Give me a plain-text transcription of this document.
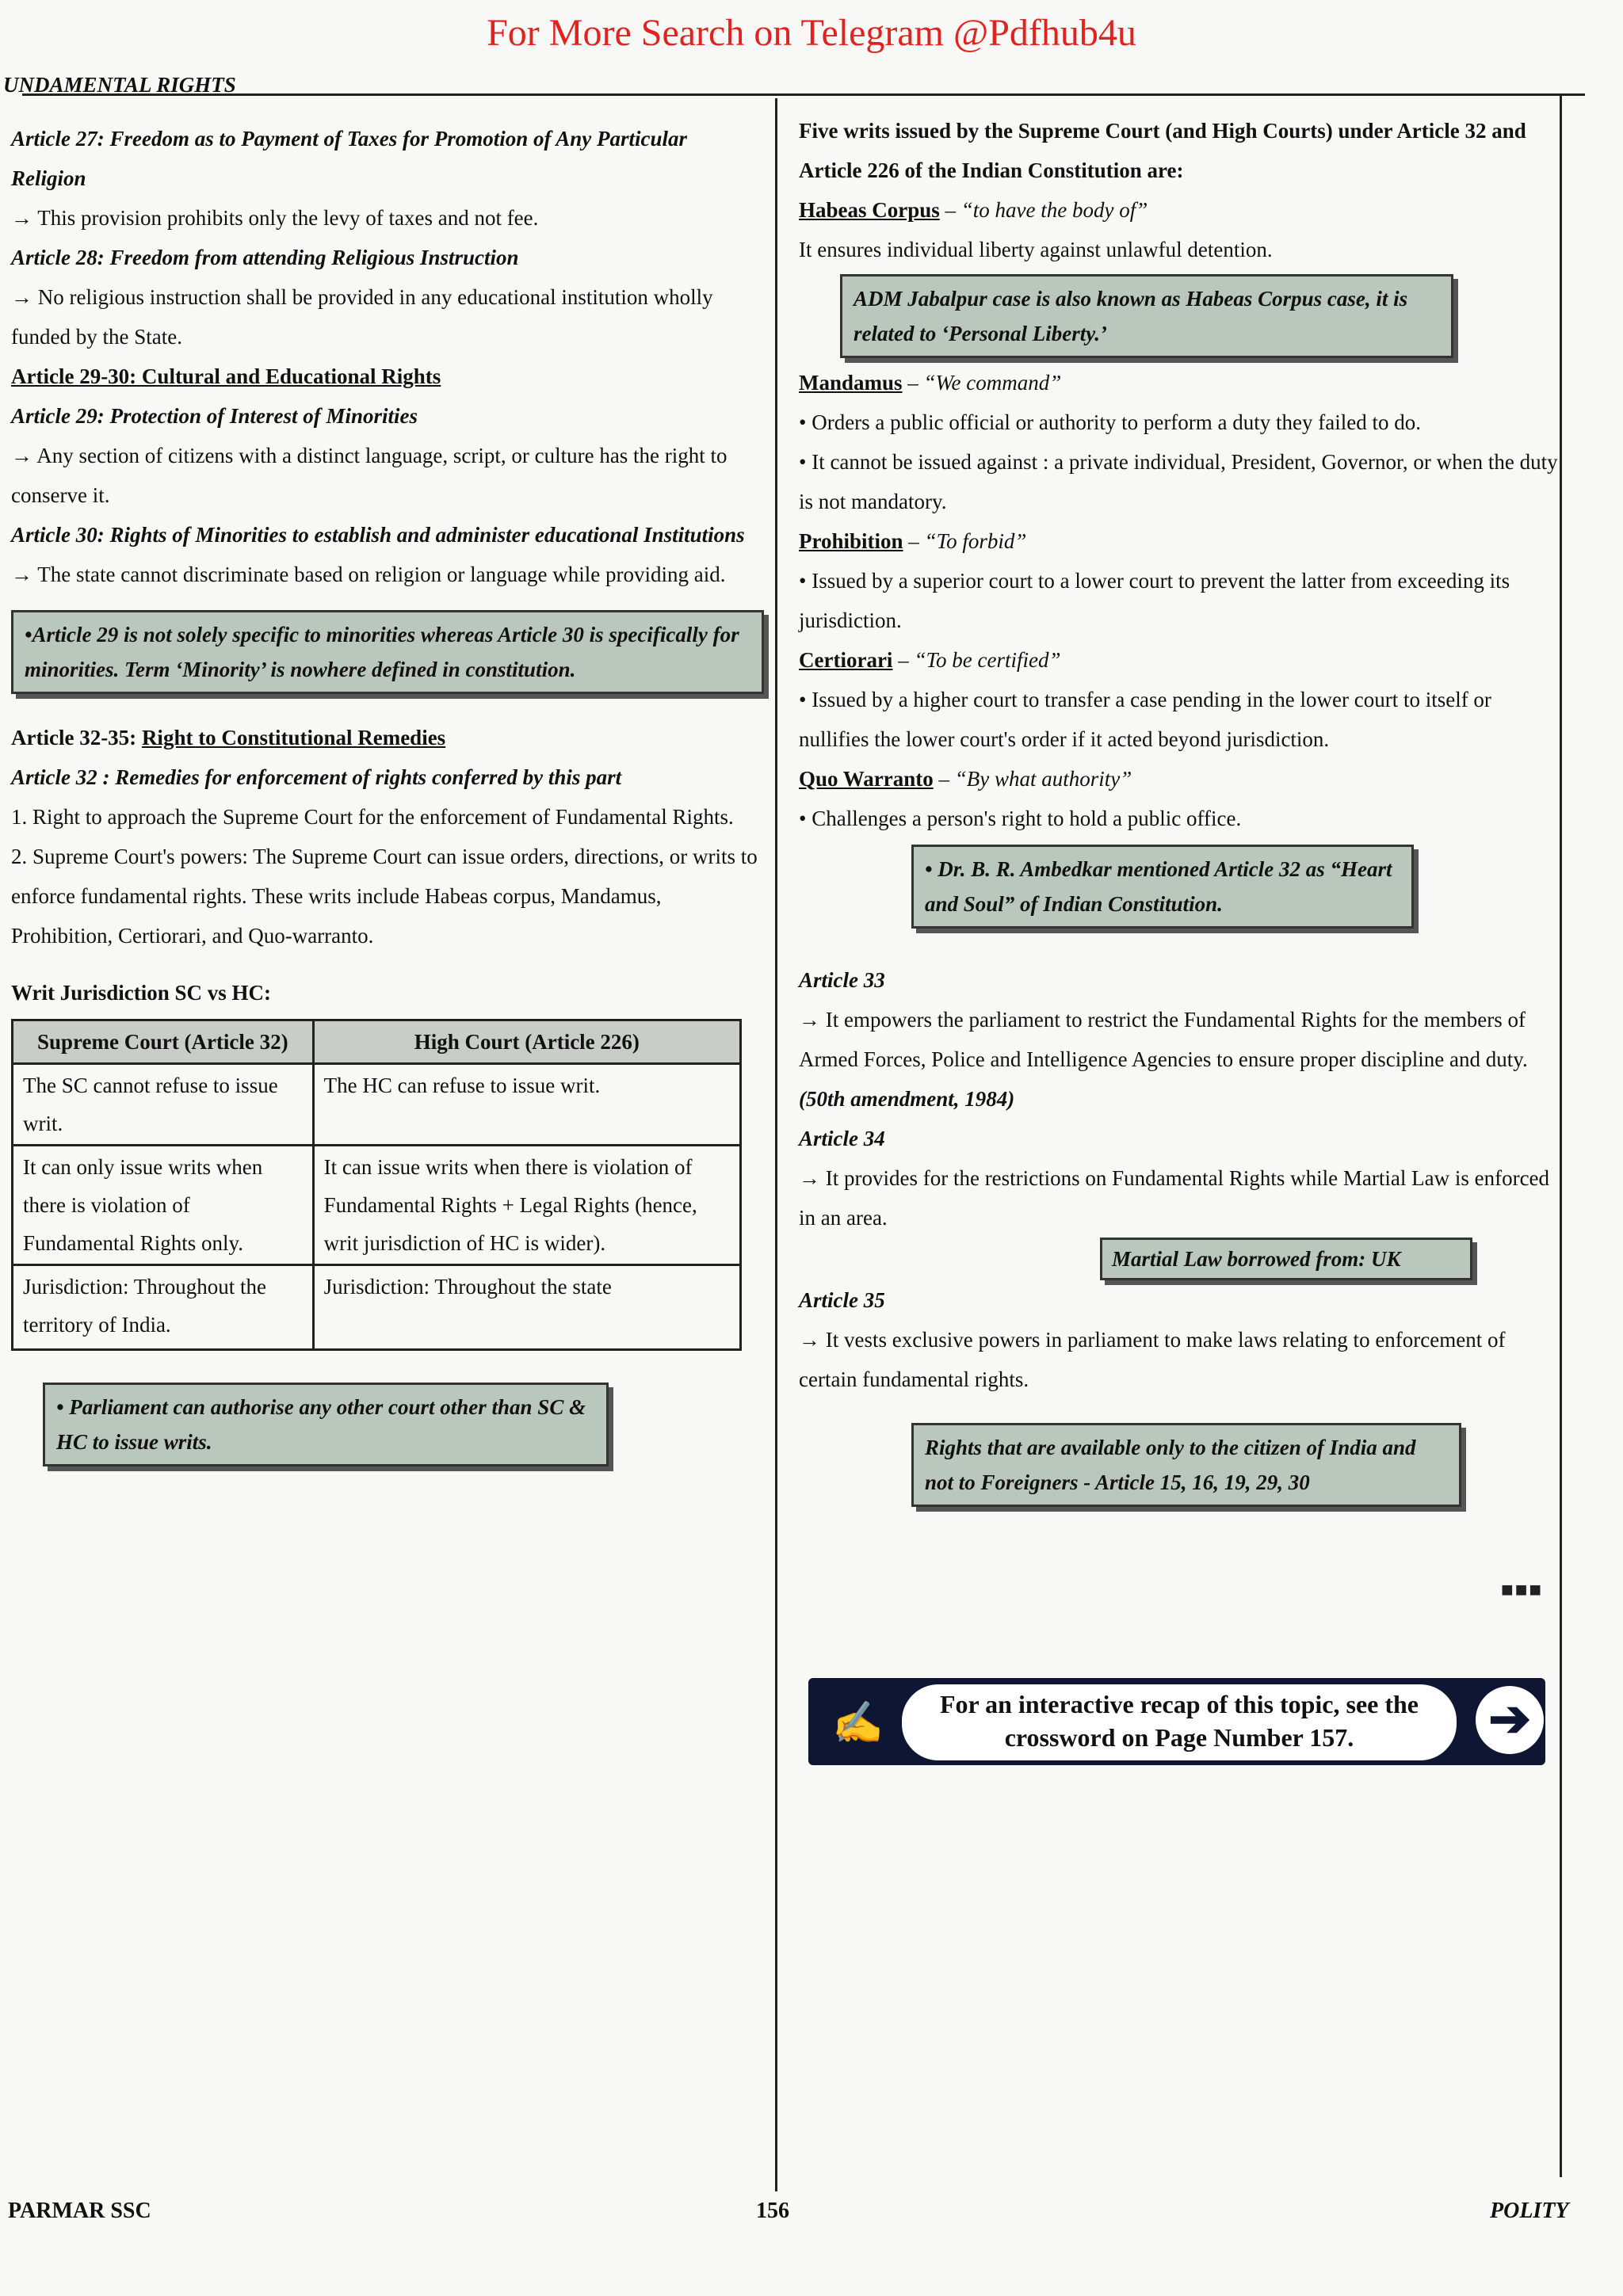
For More Search on Telegram @Pdfhub4u
UNDAMENTAL RIGHTS

Article 27: Freedom as to Payment of Taxes for Promotion of Any Particular Religion

→ This provision prohibits only the levy of taxes and not fee.

Article 28: Freedom from attending Religious Instruction

→ No religious instruction shall be provided in any educational institution wholly funded by the State.

Article 29-30: Cultural and Educational Rights

Article 29: Protection of Interest of Minorities

→ Any section of citizens with a distinct language, script, or culture has the right to conserve it.

Article 30: Rights of Minorities to establish and administer educational Institutions

→ The state cannot discriminate based on religion or language while providing aid.

•Article 29 is not solely specific to minorities whereas Article 30 is specifically for minorities. Term ‘Minority’ is nowhere defined in constitution.

Article 32-35: Right to Constitutional Remedies

Article 32 : Remedies for enforcement of rights conferred by this part

1. Right to approach the Supreme Court for the enforcement of Fundamental Rights.

2. Supreme Court's powers: The Supreme Court can issue orders, directions, or writs to enforce fundamental rights. These writs include Habeas corpus, Mandamus, Prohibition, Certiorari, and Quo-warranto.

Writ Jurisdiction SC vs HC:

Supreme Court (Article 32)	High Court (Article 226)
The SC cannot refuse to issue writ.	The HC can refuse to issue writ.
It can only issue writs when there is violation of Fundamental Rights only.	It can issue writs when there is violation of Fundamental Rights + Legal Rights (hence, writ jurisdiction of HC is wider).
Jurisdiction: Throughout the territory of India.	Jurisdiction: Throughout the state
• Parliament can authorise any other court other than SC & HC to issue writs.

Five writs issued by the Supreme Court (and High Courts) under Article 32 and Article 226 of the Indian Constitution are:

Habeas Corpus – “to have the body of”

It ensures individual liberty against unlawful detention.

ADM Jabalpur case is also known as Habeas Corpus case, it is related to ‘Personal Liberty.’

Mandamus – “We command”

• Orders a public official or authority to perform a duty they failed to do.

• It cannot be issued against : a private individual, President, Governor, or when the duty is not mandatory.

Prohibition – “To forbid”

• Issued by a superior court to a lower court to prevent the latter from exceeding its jurisdiction.

Certiorari – “To be certified”

• Issued by a higher court to transfer a case pending in the lower court to itself or nullifies the lower court's order if it acted beyond jurisdiction.

Quo Warranto – “By what authority”

• Challenges a person's right to hold a public office.

• Dr. B. R. Ambedkar mentioned Article 32 as “Heart and Soul” of Indian Constitution.

Article 33

→ It empowers the parliament to restrict the Fundamental Rights for the members of Armed Forces, Police and Intelligence Agencies to ensure proper discipline and duty. (50th amendment, 1984)

Article 34

→ It provides for the restrictions on Fundamental Rights while Martial Law is enforced in an area.

Martial Law borrowed from: UK

Article 35

→ It vests exclusive powers in parliament to make laws relating to enforcement of certain fundamental rights.

Rights that are available only to the citizen of India and not to Foreigners - Article 15, 16, 19, 29, 30
■■■
✍	For an interactive recap of this topic, see the crossword on Page Number 157.	➔
PARMAR SSC	156	POLITY
